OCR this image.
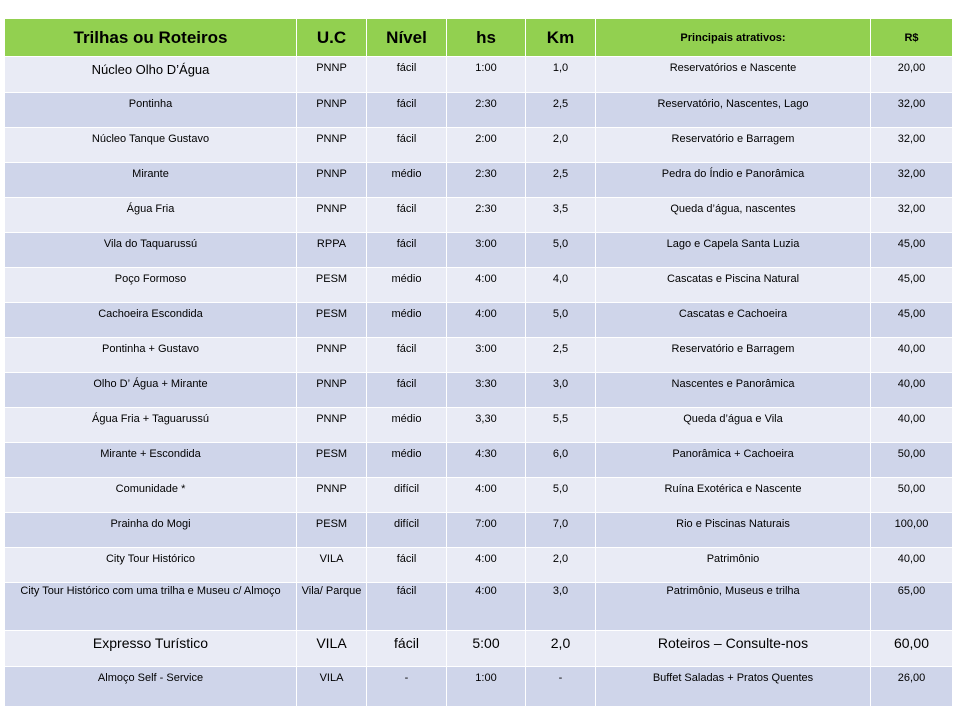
Trilhas ou Roteiros	U.C	Nível	hs	Km	Principais atrativos:	R$
Núcleo Olho D’Água	PNNP	fácil	1:00	1,0	Reservatórios e Nascente	20,00
Pontinha	PNNP	fácil	2:30	2,5	Reservatório, Nascentes, Lago	32,00
Núcleo Tanque Gustavo	PNNP	fácil	2:00	2,0	Reservatório e Barragem	32,00
Mirante	PNNP	médio	2:30	2,5	Pedra do Índio e Panorâmica	32,00
Água Fria	PNNP	fácil	2:30	3,5	Queda d’água, nascentes	32,00
Vila do Taquarussú	RPPA	fácil	3:00	5,0	Lago e Capela Santa Luzia	45,00
Poço Formoso	PESM	médio	4:00	4,0	Cascatas e Piscina Natural	45,00
Cachoeira Escondida	PESM	médio	4:00	5,0	Cascatas e Cachoeira	45,00
Pontinha + Gustavo	PNNP	fácil	3:00	2,5	Reservatório e Barragem	40,00
Olho D’ Água + Mirante	PNNP	fácil	3:30	3,0	Nascentes e Panorâmica	40,00
Água Fria + Taguarussú	PNNP	médio	3,30	5,5	Queda d’água e Vila	40,00
Mirante + Escondida	PESM	médio	4:30	6,0	Panorâmica + Cachoeira	50,00
Comunidade *	PNNP	difícil	4:00	5,0	Ruína Exotérica e Nascente	50,00
Prainha do Mogi	PESM	difícil	7:00	7,0	Rio e Piscinas Naturais	100,00
City Tour Histórico	VILA	fácil	4:00	2,0	Patrimônio	40,00
City Tour Histórico com uma trilha e Museu c/ Almoço	Vila/ Parque	fácil	4:00	3,0	Patrimônio, Museus e trilha	65,00
Expresso Turístico	VILA	fácil	5:00	2,0	Roteiros – Consulte-nos	60,00
Almoço Self - Service	VILA	-	1:00	-	Buffet Saladas + Pratos Quentes	26,00
